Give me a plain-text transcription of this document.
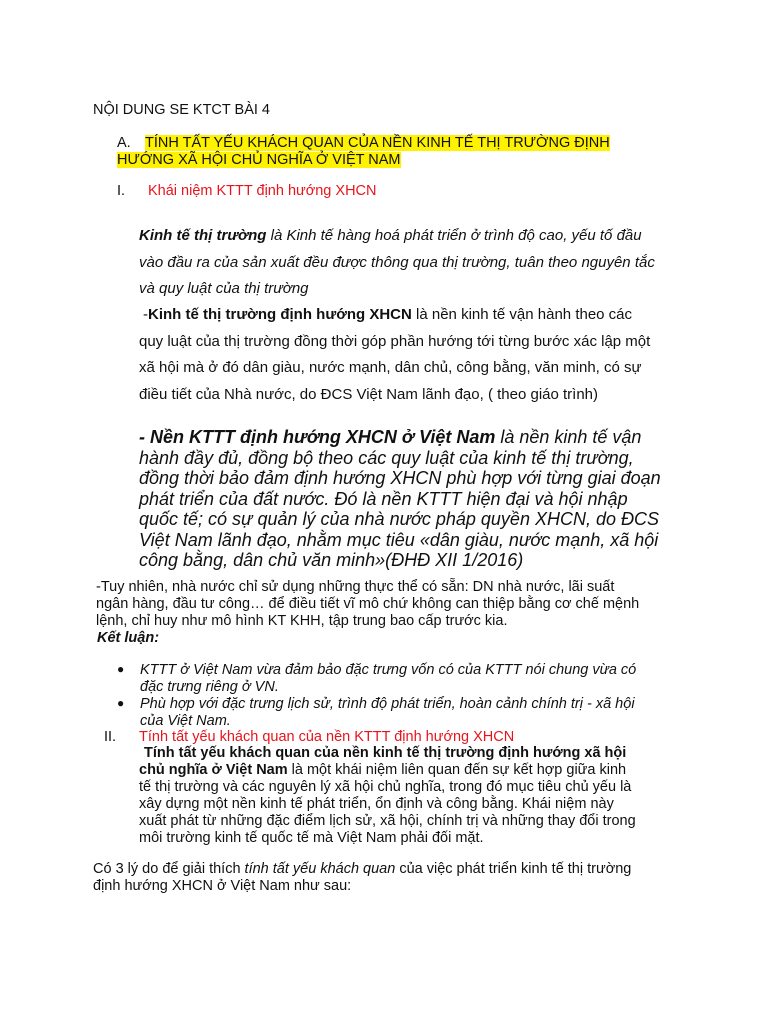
NỘI DUNG SE KTCT BÀI 4
A. TÍNH TẤT YẾU KHÁCH QUAN CỦA NỀN KINH TẾ THỊ TRƯỜNG ĐỊNH
HƯỚNG XÃ HỘI CHỦ NGHĨA Ở VIỆT NAM
I. Khái niệm KTTT định hướng XHCN
Kinh tế thị trường là Kinh tế hàng hoá phát triển ở trình độ cao, yếu tố đầu
vào đầu ra của sản xuất đều được thông qua thị trường, tuân theo nguyên tắc
và quy luật của thị trường
-Kinh tế thị trường định hướng XHCN là nền kinh tế vận hành theo các
quy luật của thị trường đồng thời góp phần hướng tới từng bước xác lập một
xã hội mà ở đó dân giàu, nước mạnh, dân chủ, công bằng, văn minh, có sự
điều tiết của Nhà nước, do ĐCS Việt Nam lãnh đạo, ( theo giáo trình)
- Nền KTTT định hướng XHCN ở Việt Nam là nền kinh tế vận
hành đầy đủ, đồng bộ theo các quy luật của kinh tế thị trường,
đồng thời bảo đảm định hướng XHCN phù hợp với từng giai đoạn
phát triển của đất nước. Đó là nền KTTT hiện đại và hội nhập
quốc tế; có sự quản lý của nhà nước pháp quyền XHCN, do ĐCS
Việt Nam lãnh đạo, nhằm mục tiêu «dân giàu, nước mạnh, xã hội
công bằng, dân chủ văn minh»(ĐHĐ XII 1/2016)
-Tuy nhiên, nhà nước chỉ sử dụng những thực thể có sẵn: DN nhà nước, lãi suất
ngân hàng, đầu tư công… để điều tiết vĩ mô chứ không can thiệp bằng cơ chế mệnh
lệnh, chỉ huy như mô hình KT KHH, tập trung bao cấp trước kia.
Kết luận:
● KTTT ở Việt Nam vừa đảm bảo đặc trưng vốn có của KTTT nói chung vừa có
đặc trưng riêng ở VN.
● Phù hợp với đặc trưng lịch sử, trình độ phát triển, hoàn cảnh chính trị - xã hội
của Việt Nam.
II. Tính tất yếu khách quan của nền KTTT định hướng XHCN
Tính tất yếu khách quan của nền kinh tế thị trường định hướng xã hội
chủ nghĩa ở Việt Nam là một khái niệm liên quan đến sự kết hợp giữa kinh
tế thị trường và các nguyên lý xã hội chủ nghĩa, trong đó mục tiêu chủ yếu là
xây dựng một nền kinh tế phát triển, ổn định và công bằng. Khái niệm này
xuất phát từ những đặc điểm lịch sử, xã hội, chính trị và những thay đổi trong
môi trường kinh tế quốc tế mà Việt Nam phải đối mặt.
Có 3 lý do để giải thích tính tất yếu khách quan của việc phát triển kinh tế thị trường
định hướng XHCN ở Việt Nam như sau:
